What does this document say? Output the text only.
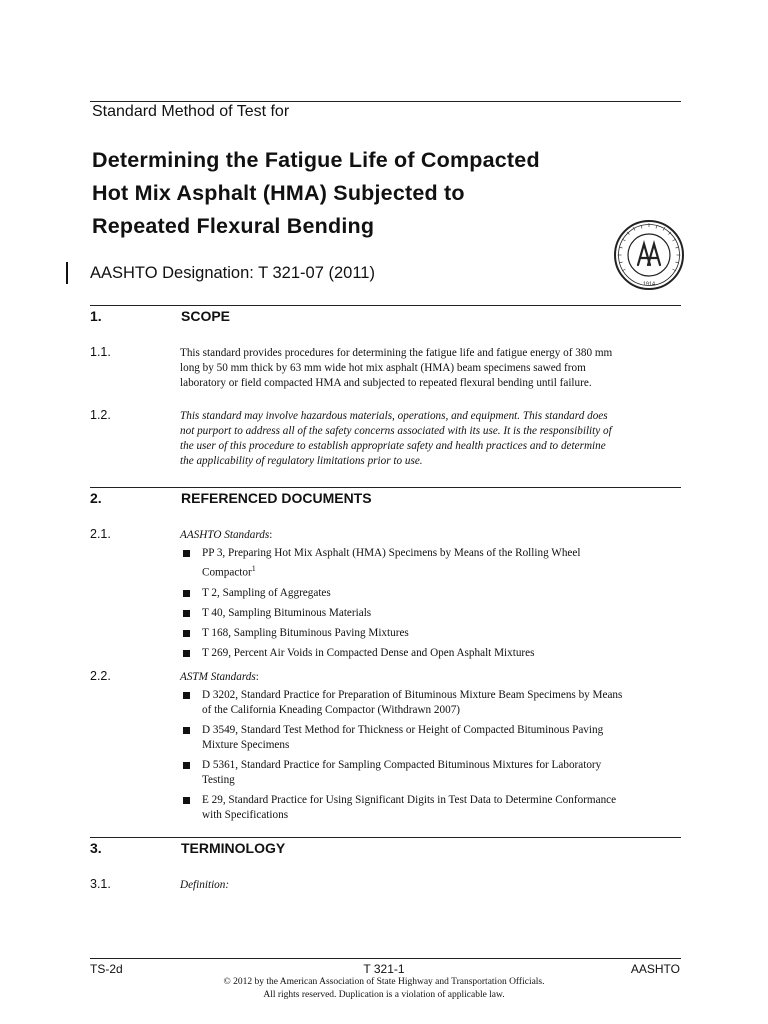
Standard Method of Test for
Determining the Fatigue Life of Compacted
Hot Mix Asphalt (HMA) Subjected to
Repeated Flexural Bending
1914
AASHTO Designation: T 321-07 (2011)
1.	SCOPE
1.1.	This standard provides procedures for determining the fatigue life and fatigue energy of 380 mm
long by 50 mm thick by 63 mm wide hot mix asphalt (HMA) beam specimens sawed from
laboratory or field compacted HMA and subjected to repeated flexural bending until failure.
1.2.	This standard may involve hazardous materials, operations, and equipment. This standard does
not purport to address all of the safety concerns associated with its use. It is the responsibility of
the user of this procedure to establish appropriate safety and health practices and to determine
the applicability of regulatory limitations prior to use.
2.	REFERENCED DOCUMENTS
2.1.	AASHTO Standards:
PP 3, Preparing Hot Mix Asphalt (HMA) Specimens by Means of the Rolling Wheel
Compactor$^1$
T 2, Sampling of Aggregates
T 40, Sampling Bituminous Materials
T 168, Sampling Bituminous Paving Mixtures
T 269, Percent Air Voids in Compacted Dense and Open Asphalt Mixtures
2.2.	ASTM Standards:
D 3202, Standard Practice for Preparation of Bituminous Mixture Beam Specimens by Means
of the California Kneading Compactor (Withdrawn 2007)
D 3549, Standard Test Method for Thickness or Height of Compacted Bituminous Paving
Mixture Specimens
D 5361, Standard Practice for Sampling Compacted Bituminous Mixtures for Laboratory
Testing
E 29, Standard Practice for Using Significant Digits in Test Data to Determine Conformance
with Specifications
3.	TERMINOLOGY
3.1.	Definition:
TS-2d	T 321-1	AASHTO
© 2012 by the American Association of State Highway and Transportation Officials.
All rights reserved. Duplication is a violation of applicable law.
